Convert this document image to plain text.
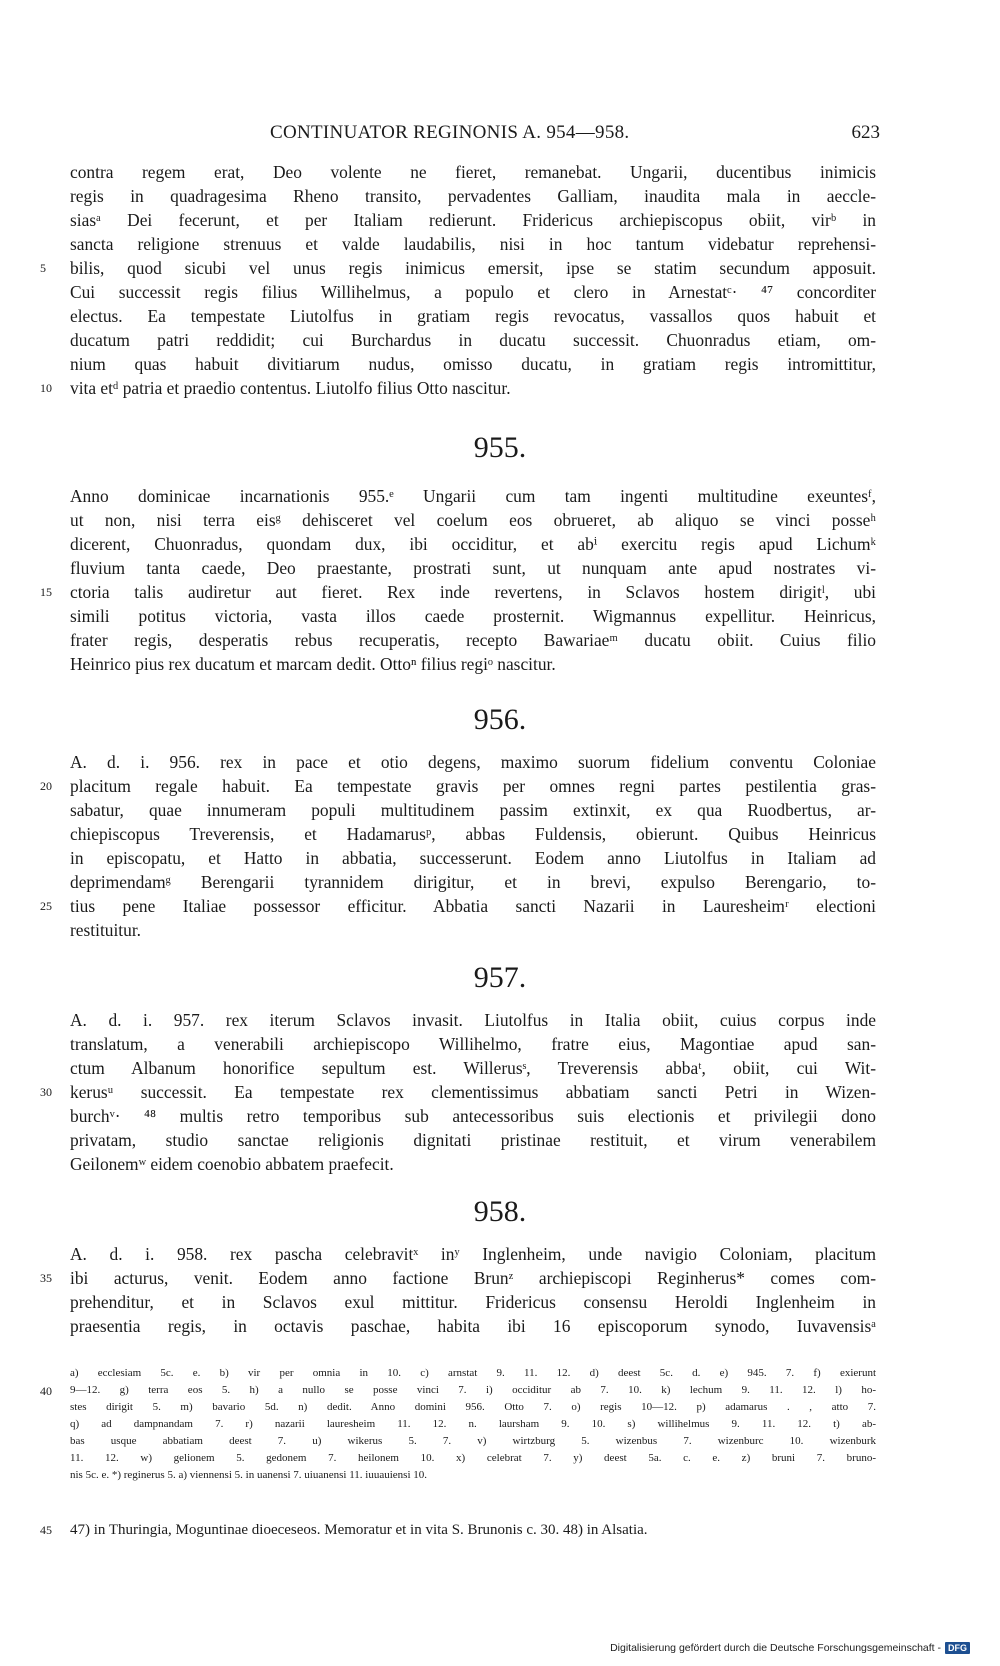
CONTINUATOR REGINONIS A. 954—958.	623
contra regem erat, Deo volente ne fieret, remanebat. Ungarii, ducentibus inimicis
regis in quadragesima Rheno transito, pervadentes Galliam, inaudita mala in aeccle-
siasᵃ Dei fecerunt, et per Italiam redierunt. Fridericus archiepiscopus obiit, virᵇ in
sancta religione strenuus et valde laudabilis, nisi in hoc tantum videbatur reprehensi-
bilis, quod sicubi vel unus regis inimicus emersit, ipse se statim secundum apposuit.
5
Cui successit regis filius Willihelmus, a populo et clero in Arnestatᶜ· ⁴⁷ concorditer
electus. Ea tempestate Liutolfus in gratiam regis revocatus, vassallos quos habuit et
ducatum patri reddidit; cui Burchardus in ducatu successit. Chuonradus etiam, om-
nium quas habuit divitiarum nudus, omisso ducatu, in gratiam regis intromittitur,
vita etᵈ patria et praedio contentus. Liutolfo filius Otto nascitur.
10
955.
Anno dominicae incarnationis 955.ᵉ Ungarii cum tam ingenti multitudine exeuntesᶠ,
ut non, nisi terra eisᵍ dehisceret vel coelum eos obrueret, ab aliquo se vinci posseʰ
dicerent, Chuonradus, quondam dux, ibi occiditur, et abⁱ exercitu regis apud Lichumᵏ
fluvium tanta caede, Deo praestante, prostrati sunt, ut nunquam ante apud nostrates vi-
ctoria talis audiretur aut fieret. Rex inde revertens, in Sclavos hostem dirigitˡ, ubi
15
simili potitus victoria, vasta illos caede prosternit. Wigmannus expellitur. Heinricus,
frater regis, desperatis rebus recuperatis, recepto Bawariaeᵐ ducatu obiit. Cuius filio
Heinrico pius rex ducatum et marcam dedit. Ottoⁿ filius regiᵒ nascitur.
956.
A. d. i. 956. rex in pace et otio degens, maximo suorum fidelium conventu Coloniae
placitum regale habuit. Ea tempestate gravis per omnes regni partes pestilentia gras-
20
sabatur, quae innumeram populi multitudinem passim extinxit, ex qua Ruodbertus, ar-
chiepiscopus Treverensis, et Hadamarusᵖ, abbas Fuldensis, obierunt. Quibus Heinricus
in episcopatu, et Hatto in abbatia, successerunt. Eodem anno Liutolfus in Italiam ad
deprimendamᵍ Berengarii tyrannidem dirigitur, et in brevi, expulso Berengario, to-
tius pene Italiae possessor efficitur. Abbatia sancti Nazarii in Lauresheimʳ electioni
25
restituitur.
957.
A. d. i. 957. rex iterum Sclavos invasit. Liutolfus in Italia obiit, cuius corpus inde
translatum, a venerabili archiepiscopo Willihelmo, fratre eius, Magontiae apud san-
ctum Albanum honorifice sepultum est. Willerusˢ, Treverensis abbaᵗ, obiit, cui Wit-
kerusᵘ successit. Ea tempestate rex clementissimus abbatiam sancti Petri in Wizen-
30
burchᵛ· ⁴⁸ multis retro temporibus sub antecessoribus suis electionis et privilegii dono
privatam, studio sanctae religionis dignitati pristinae restituit, et virum venerabilem
Geilonemʷ eidem coenobio abbatem praefecit.
958.
A. d. i. 958. rex pascha celebravitˣ inʸ Inglenheim, unde navigio Coloniam, placitum
ibi acturus, venit. Eodem anno factione Brunᶻ archiepiscopi Reginherus* comes com-
35
prehenditur, et in Sclavos exul mittitur. Fridericus consensu Heroldi Inglenheim in
praesentia regis, in octavis paschae, habita ibi 16 episcoporum synodo, Iuvavensisᵃ
a) ecclesiam 5c. e. b) vir per omnia in 10. c) arnstat 9. 11. 12. d) deest 5c. d. e) 945. 7. f) exierunt
9—12. g) terra eos 5. h) a nullo se posse vinci 7. i) occiditur ab 7. 10. k) lechum 9. 11. 12. l) ho-
40
stes dirigit 5. m) bavario 5d. n) dedit. Anno domini 956. Otto 7. o) regis 10—12. p) adamarus . , atto 7.
q) ad dampnandam 7. r) nazarii lauresheim 11. 12. n. laursham 9. 10. s) willihelmus 9. 11. 12. t) ab-
bas usque abbatiam deest 7. u) wikerus 5. 7. v) wirtzburg 5. wizenbus 7. wizenburc 10. wizenburk
11. 12. w) gelionem 5. gedonem 7. heilonem 10. x) celebrat 7. y) deest 5a. c. e. z) bruni 7. bruno-
nis 5c. e. *) reginerus 5. a) viennensi 5. in uanensi 7. uiuanensi 11. iuuauiensi 10.
47) in Thuringia, Moguntinae dioeceseos. Memoratur et in vita S. Brunonis c. 30. 48) in Alsatia.
45
Digitalisierung gefördert durch die Deutsche Forschungsgemeinschaft - DFG
